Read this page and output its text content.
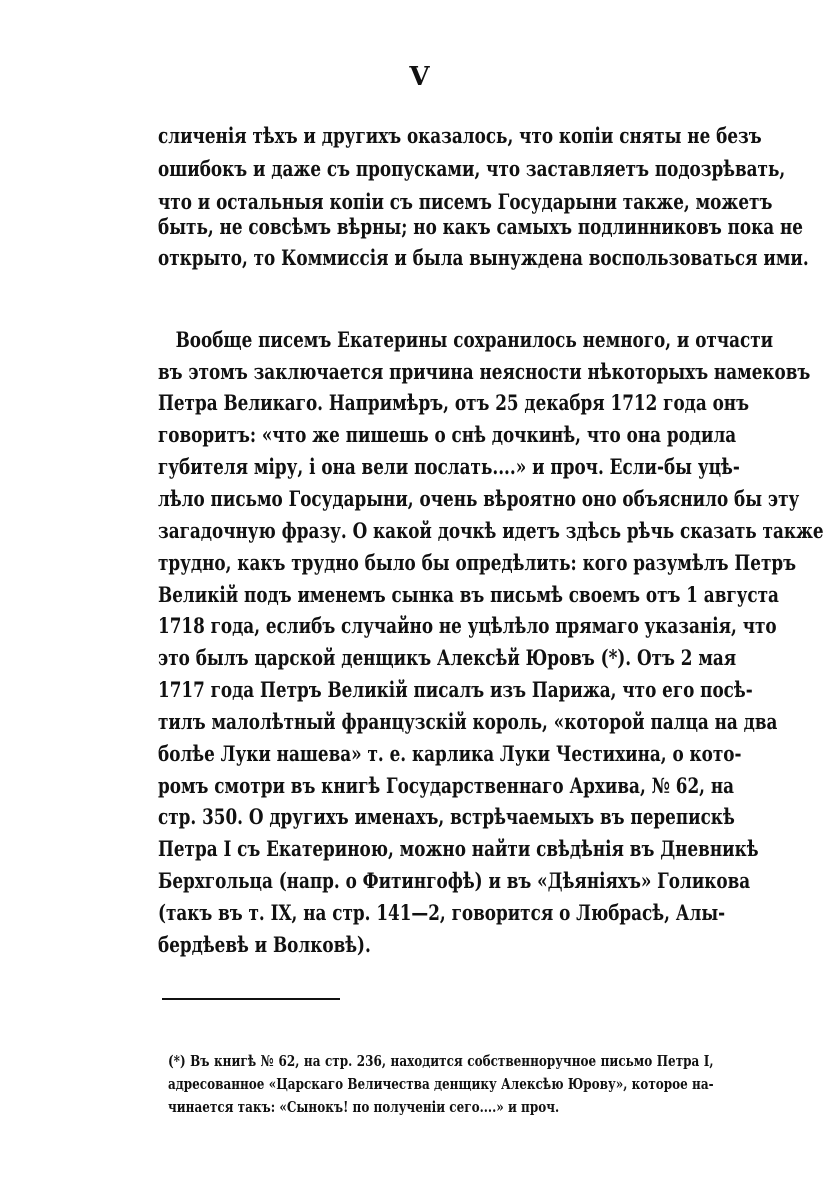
V
сличенія тѣхъ и другихъ оказалось, что копіи сняты не безъ
ошибокъ и даже съ пропусками, что заставляетъ подозрѣвать,
что и остальныя копіи съ писемъ Государыни также, можетъ
быть, не совсѣмъ вѣрны; но какъ самыхъ подлинниковъ пока не
открыто, то Коммиссія и была вынуждена воспользоваться ими.
Вообще писемъ Екатерины сохранилось немного, и отчасти
въ этомъ заключается причина неясности нѣкоторыхъ намековъ
Петра Великаго. Напримѣръ, отъ 25 декабря 1712 года онъ
говоритъ: «что же пишешь о снѣ дочкинѣ, что она родила
губителя міру, і она вели послать....» и проч. Если-бы уцѣ-
лѣло письмо Государыни, очень вѣроятно оно объяснило бы эту
загадочную фразу. О какой дочкѣ идетъ здѣсь рѣчь сказать также
трудно, какъ трудно было бы опредѣлить: кого разумѣлъ Петръ
Великій подъ именемъ сынка въ письмѣ своемъ отъ 1 августа
1718 года, еслибъ случайно не уцѣлѣло прямаго указанія, что
это былъ царской денщикъ Алексѣй Юровъ (*). Отъ 2 мая
1717 года Петръ Великій писалъ изъ Парижа, что его посѣ-
тилъ малолѣтный французскій король, «которой палца на два
болѣе Луки нашева» т. е. карлика Луки Честихина, о кото-
ромъ смотри въ книгѣ Государственнаго Архива, № 62, на
стр. 350. О другихъ именахъ, встрѣчаемыхъ въ перепискѣ
Петра I съ Екатериною, можно найти свѣдѣнія въ Дневникѣ
Берхгольца (напр. о Фитингофѣ) и въ «Дѣяніяхъ» Голикова
(такъ въ т. IX, на стр. 141—2, говорится о Любрасѣ, Алы-
бердѣевѣ и Волковѣ).
(*) Въ книгѣ № 62, на стр. 236, находится собственноручное письмо Петра I,
адресованное «Царскаго Величества денщику Алексѣю Юрову», которое на-
чинается такъ: «Сынокъ! по полученіи сего....» и проч.
